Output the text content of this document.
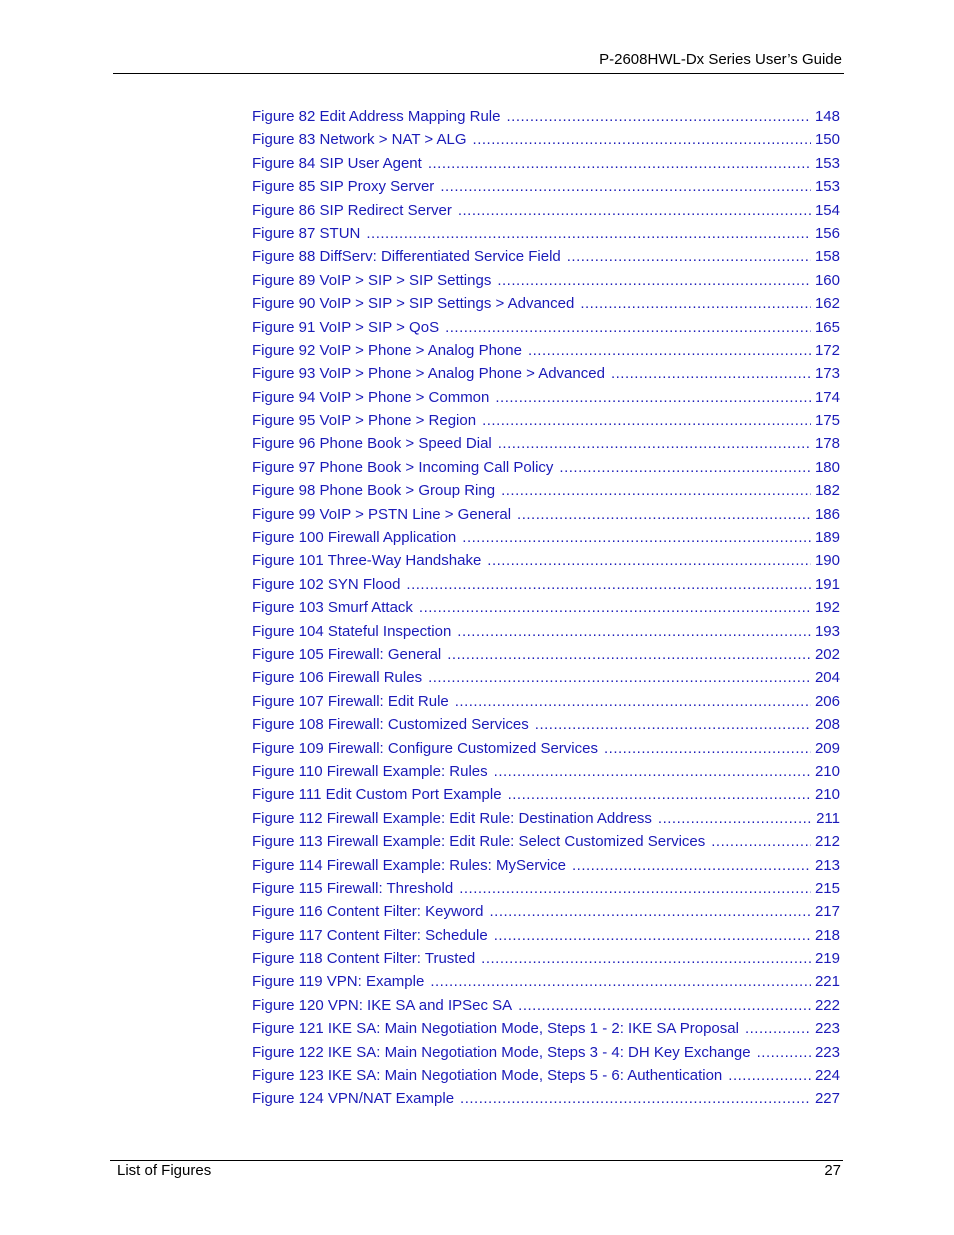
P-2608HWL-Dx Series User’s Guide
Figure 82 Edit Address Mapping Rule .....	148
Figure 83 Network > NAT > ALG .....	150
Figure 84 SIP User Agent .....	153
Figure 85 SIP Proxy Server .....	153
Figure 86 SIP Redirect Server .....	154
Figure 87 STUN .....	156
Figure 88 DiffServ: Differentiated Service Field .....	158
Figure 89 VoIP > SIP > SIP Settings .....	160
Figure 90 VoIP > SIP > SIP Settings > Advanced .....	162
Figure 91 VoIP > SIP > QoS .....	165
Figure 92 VoIP > Phone > Analog Phone .....	172
Figure 93 VoIP > Phone > Analog Phone > Advanced .....	173
Figure 94 VoIP > Phone > Common .....	174
Figure 95 VoIP > Phone > Region .....	175
Figure 96 Phone Book > Speed Dial .....	178
Figure 97 Phone Book > Incoming Call Policy .....	180
Figure 98 Phone Book > Group Ring .....	182
Figure 99 VoIP > PSTN Line > General .....	186
Figure 100 Firewall Application .....	189
Figure 101 Three-Way Handshake .....	190
Figure 102 SYN Flood .....	191
Figure 103 Smurf Attack .....	192
Figure 104 Stateful Inspection .....	193
Figure 105 Firewall: General .....	202
Figure 106 Firewall Rules .....	204
Figure 107 Firewall: Edit Rule .....	206
Figure 108 Firewall: Customized Services .....	208
Figure 109 Firewall: Configure Customized Services .....	209
Figure 110 Firewall Example: Rules .....	210
Figure 111 Edit Custom Port Example .....	210
Figure 112 Firewall Example: Edit Rule: Destination Address .....	211
Figure 113 Firewall Example: Edit Rule: Select Customized Services .....	212
Figure 114 Firewall Example: Rules: MyService .....	213
Figure 115 Firewall: Threshold .....	215
Figure 116 Content Filter: Keyword .....	217
Figure 117 Content Filter: Schedule .....	218
Figure 118 Content Filter: Trusted .....	219
Figure 119 VPN: Example .....	221
Figure 120 VPN: IKE SA and IPSec SA .....	222
Figure 121 IKE SA: Main Negotiation Mode, Steps 1 - 2: IKE SA Proposal .....	223
Figure 122 IKE SA: Main Negotiation Mode, Steps 3 - 4: DH Key Exchange .....	223
Figure 123 IKE SA: Main Negotiation Mode, Steps 5 - 6: Authentication .....	224
Figure 124 VPN/NAT Example .....	227
List of Figures	27
